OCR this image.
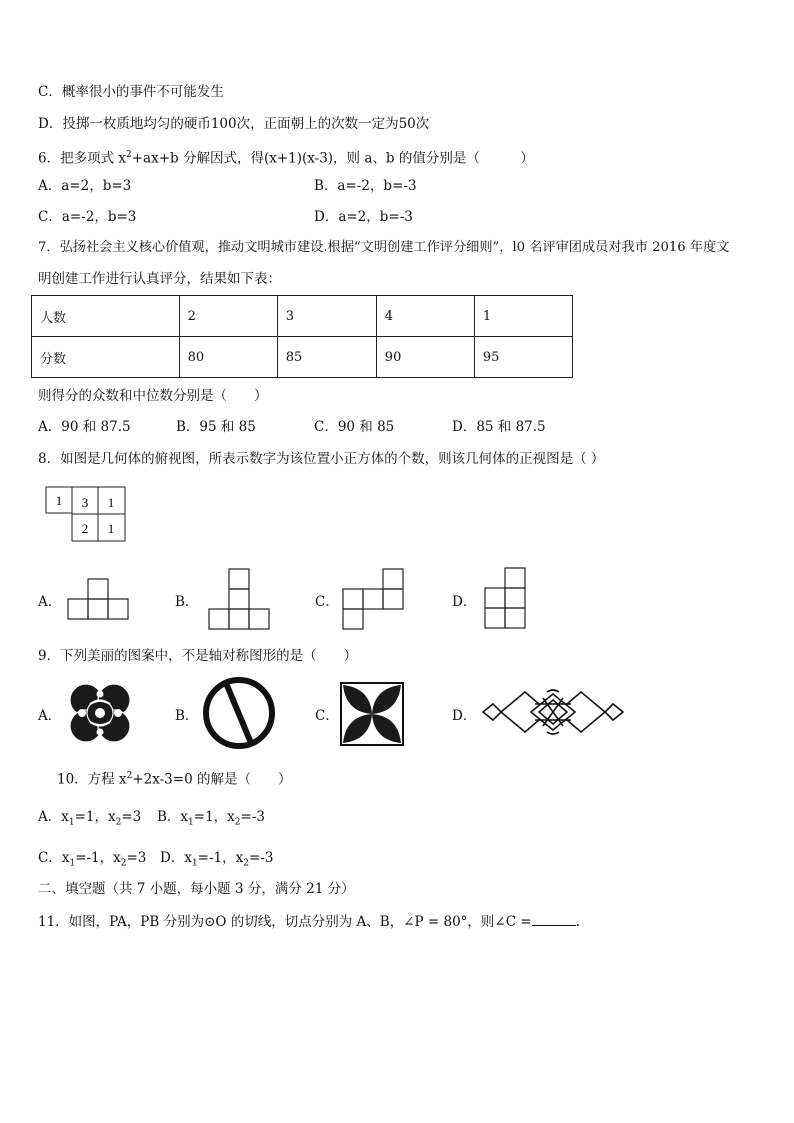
C．概率很小的事件不可能发生
D．投掷一枚质地均匀的硬币100次，正面朝上的次数一定为50次
6．把多项式 $x^2+ax+b$ 分解因式，得(x+1)(x-3)，则 a、b 的值分别是（　　　）
A．a=2，b=3	B．a=-2，b=-3
C．a=-2，b=3	D．a=2，b=-3
7．弘扬社会主义核心价值观，推动文明城市建设.根据“文明创建工作评分细则”，l0 名评审团成员对我市 2016 年度文
明创建工作进行认真评分，结果如下表：
人数	2	3	4	1
分数	80	85	90	95
则得分的众数和中位数分别是（　　）
A．90 和 87.5	B．95 和 85	C．90 和 85	D．85 和 87.5
8．如图是几何体的俯视图，所表示数字为该位置小正方体的个数，则该几何体的正视图是（ ）
1 3 1
2 1
A．	B．	C．	D．
9．下列美丽的图案中，不是轴对称图形的是（　　）
A．	B．	C．	D．
10．方程 $x^2+2x-3=0$ 的解是（　　）
A．$x_1=1$，$x_2=3$ B．$x_1=1$，$x_2=-3$
C．$x_1=-1$，$x_2=3$ D．$x_1=-1$，$x_2=-3$
二、填空题（共 7 小题，每小题 3 分，满分 21 分）
11．如图，PA，PB 分别为⊙O 的切线，切点分别为 A、B，∠P = 80°，则∠C =	.
